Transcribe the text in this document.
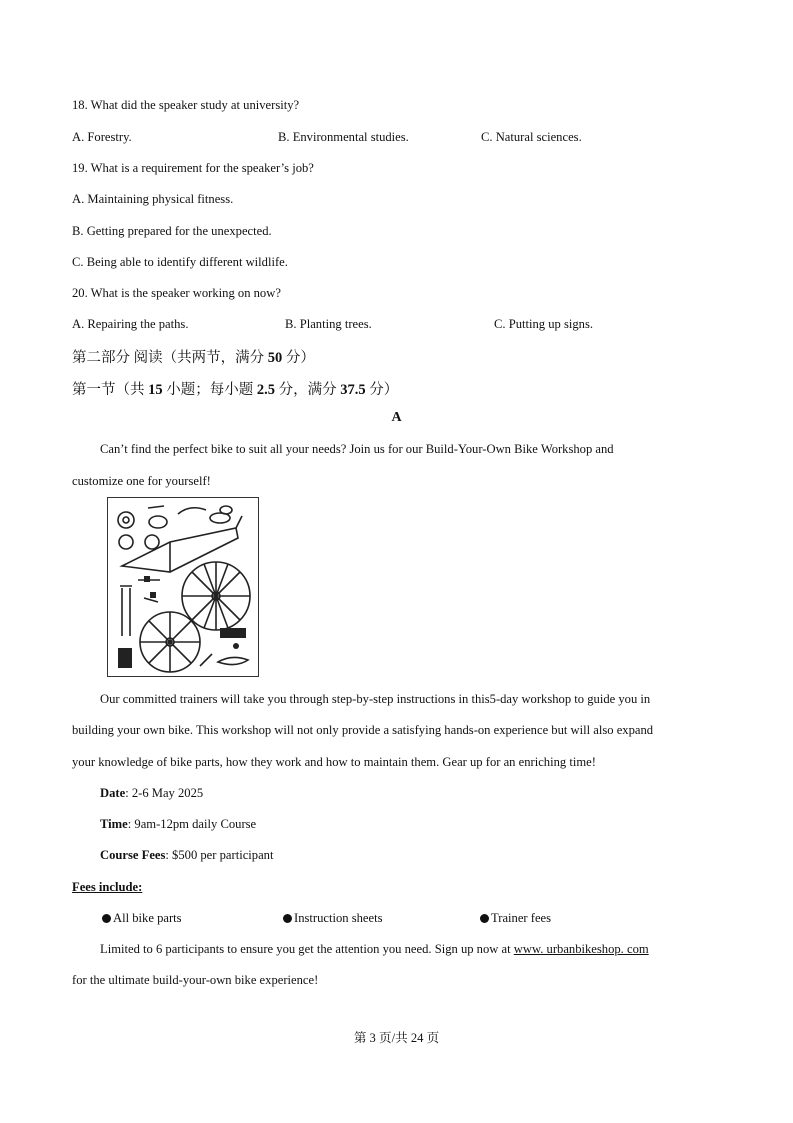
18. What did the speaker study at university?
A. Forestry.	B. Environmental studies.	C. Natural sciences.
19. What is a requirement for the speaker’s job?
A. Maintaining physical fitness.
B. Getting prepared for the unexpected.
C. Being able to identify different wildlife.
20. What is the speaker working on now?
A. Repairing the paths.	B. Planting trees.	C. Putting up signs.
第二部分 阅读（共两节，满分 50 分）
第一节（共 15 小题；每小题 2.5 分，满分 37.5 分）
A
Can’t find the perfect bike to suit all your needs? Join us for our Build-Your-Own Bike Workshop and
customize one for yourself!
Our committed trainers will take you through step-by-step instructions in this5-day workshop to guide you in
building your own bike. This workshop will not only provide a satisfying hands-on experience but will also expand
your knowledge of bike parts, how they work and how to maintain them. Gear up for an enriching time!
Date: 2-6 May 2025
Time: 9am-12pm daily Course
Course Fees: $500 per participant
Fees include:
All bike parts	Instruction sheets	Trainer fees
Limited to 6 participants to ensure you get the attention you need. Sign up now at www. urbanbikeshop. com
for the ultimate build-your-own bike experience!
第 3 页/共 24 页
